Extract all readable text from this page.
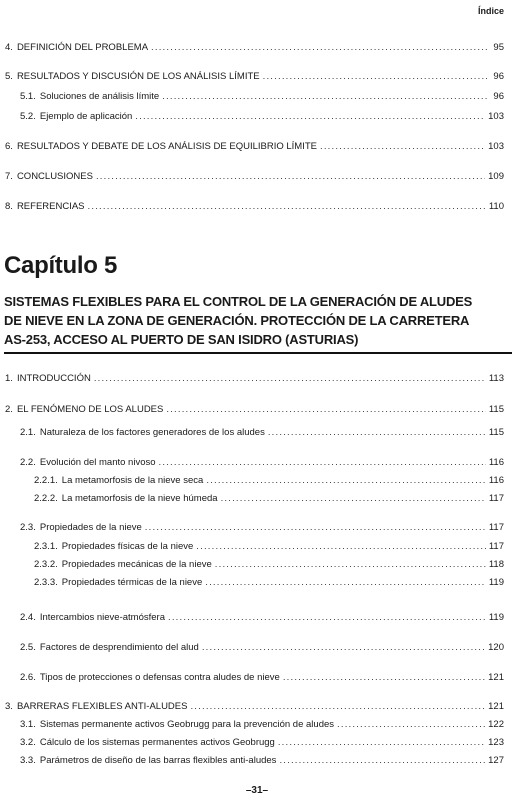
Índice
4. DEFINICIÓN DEL PROBLEMA .....	95
5. RESULTADOS Y DISCUSIÓN DE LOS ANÁLISIS LÍMITE .....	96
5.1. Soluciones de análisis límite .....	96
5.2. Ejemplo de aplicación .....	103
6. RESULTADOS Y DEBATE DE LOS ANÁLISIS DE EQUILIBRIO LÍMITE .....	103
7. CONCLUSIONES .....	109
8. REFERENCIAS .....	110
Capítulo 5
SISTEMAS FLEXIBLES PARA EL CONTROL DE LA GENERACIÓN DE ALUDES
DE NIEVE EN LA ZONA DE GENERACIÓN. PROTECCIÓN DE LA CARRETERA
AS-253, ACCESO AL PUERTO DE SAN ISIDRO (ASTURIAS)
1. INTRODUCCIÓN .....	113
2. EL FENÓMENO DE LOS ALUDES .....	115
2.1. Naturaleza de los factores generadores de los aludes .....	115
2.2. Evolución del manto nivoso .....	116
2.2.1. La metamorfosis de la nieve seca .....	116
2.2.2. La metamorfosis de la nieve húmeda .....	117
2.3. Propiedades de la nieve .....	117
2.3.1. Propiedades físicas de la nieve .....	117
2.3.2. Propiedades mecánicas de la nieve .....	118
2.3.3. Propiedades térmicas de la nieve .....	119
2.4. Intercambios nieve-atmósfera .....	119
2.5. Factores de desprendimiento del alud .....	120
2.6. Tipos de protecciones o defensas contra aludes de nieve .....	121
3. BARRERAS FLEXIBLES ANTI-ALUDES .....	121
3.1. Sistemas permanente activos Geobrugg para la prevención de aludes .....	122
3.2. Cálculo de los sistemas permanentes activos Geobrugg .....	123
3.3. Parámetros de diseño de las barras flexibles anti-aludes .....	127
–31–
